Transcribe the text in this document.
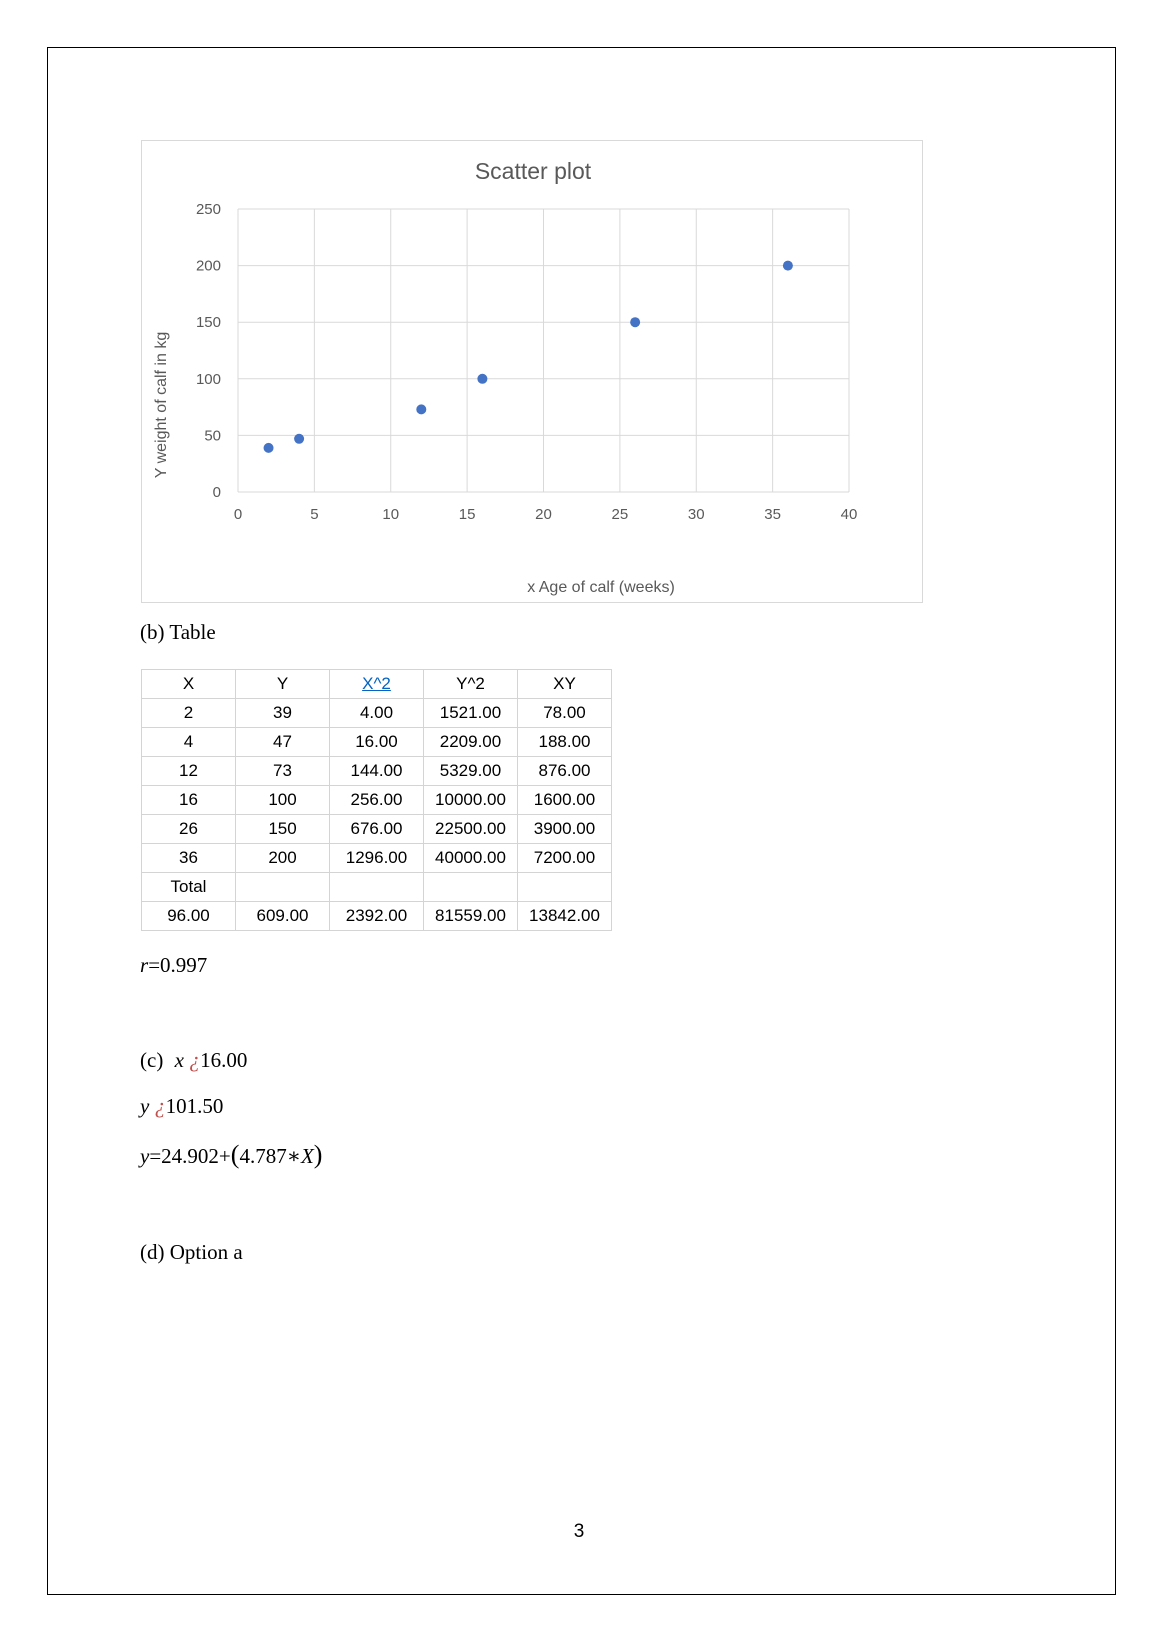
0
50
100
150
200
250
0	5	10	15	20	25	30	35	40
Scatter plot
x Age of calf (weeks)
Y weight of calf in kg
(b) Table
X	Y	X^2	Y^2	XY
2	39	4.00	1521.00	78.00
4	47	16.00	2209.00	188.00
12	73	144.00	5329.00	876.00
16	100	256.00	10000.00	1600.00
26	150	676.00	22500.00	3900.00
36	200	1296.00	40000.00	7200.00
Total				
96.00	609.00	2392.00	81559.00	13842.00
r=0.997
(c) x ¿16.00
y ¿101.50
y=24.902+(4.787∗X)
(d) Option a
3
